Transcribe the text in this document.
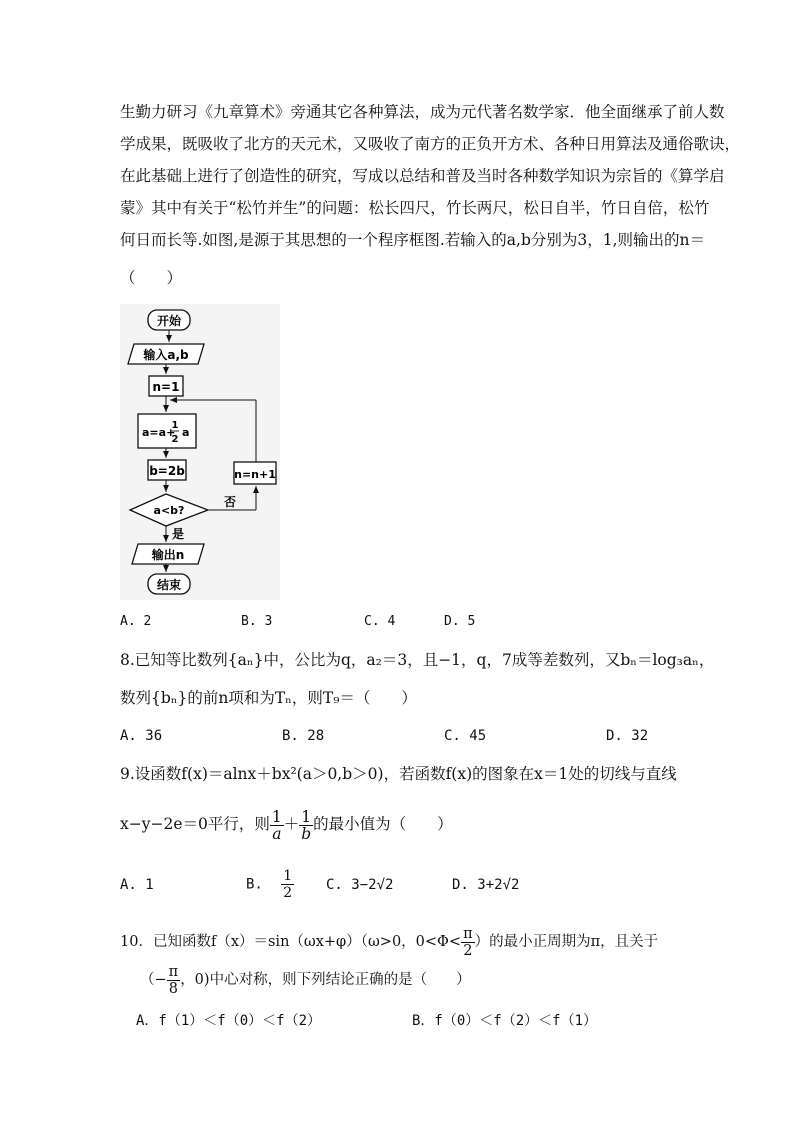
生勤力研习《九章算术》旁通其它各种算法，成为元代著名数学家．他全面继承了前人数
学成果，既吸收了北方的天元术，又吸收了南方的正负开方术、各种日用算法及通俗歌诀，
在此基础上进行了创造性的研究，写成以总结和普及当时各种数学知识为宗旨的《算学启
蒙》其中有关于“松竹并生”的问题：松长四尺，竹长两尺，松日自半，竹日自倍，松竹
何日而长等.如图,是源于其思想的一个程序框图.若输入的a,b分别为3，1,则输出的n＝
（　　）
开始
输入a,b
n=1
a=a+
1
2
a
b=2b	n=n+1
a<b?
否
是
输出n
结束
A. 2	B. 3	C. 4	D. 5
8.已知等比数列{aₙ}中，公比为q，a₂＝3，且−1，q，7成等差数列，又bₙ＝log₃aₙ，
数列{bₙ}的前n项和为Tₙ，则T₉＝（　　）
A. 36	B. 28	C. 45	D. 32
9.设函数f(x)＝alnx＋bx²(a＞0,b＞0)，若函数f(x)的图象在x＝1处的切线与直线
x−y−2e＝0平行，则 $\frac{1}{a} + \frac{1}{b}$ 的最小值为（　　）
A. 1	B. $\frac{1}{2} C$. 3−2√2	D. 3+2√2
10．已知函数f（x）＝sin（ωx+φ）（ω>0，$0<\Phi< \frac{\pi}{2}$ ）的最小正周期为π，且关于
（− $\frac{\pi}{8}$ ，0)中心对称，则下列结论正确的是（　　）
A．f（1）＜f（0）＜f（2）	B．f（0）＜f（2）＜f（1）
